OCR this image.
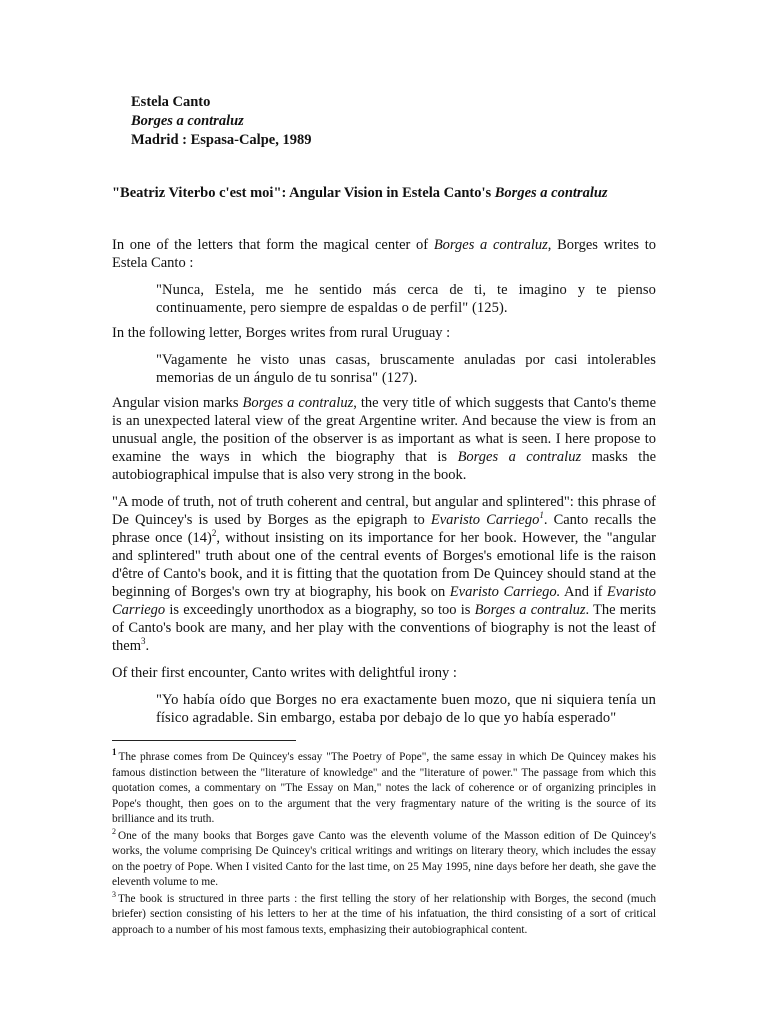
Estela Canto
Borges a contraluz
Madrid : Espasa-Calpe, 1989
"Beatriz Viterbo c'est moi": Angular Vision in Estela Canto's Borges a contraluz

In one of the letters that form the magical center of Borges a contraluz, Borges writes to Estela Canto :

"Nunca, Estela, me he sentido más cerca de ti, te imagino y te pienso continuamente, pero siempre de espaldas o de perfil" (125).

In the following letter, Borges writes from rural Uruguay :

"Vagamente he visto unas casas, bruscamente anuladas por casi intolerables memorias de un ángulo de tu sonrisa" (127).

Angular vision marks Borges a contraluz, the very title of which suggests that Canto's theme is an unexpected lateral view of the great Argentine writer. And because the view is from an unusual angle, the position of the observer is as important as what is seen. I here propose to examine the ways in which the biography that is Borges a contraluz masks the autobiographical impulse that is also very strong in the book.

"A mode of truth, not of truth coherent and central, but angular and splintered": this phrase of De Quincey's is used by Borges as the epigraph to Evaristo Carriego$^1$. Canto recalls the phrase once $(14)^2$, without insisting on its importance for her book. However, the "angular and splintered" truth about one of the central events of Borges's emotional life is the raison d'être of Canto's book, and it is fitting that the quotation from De Quincey should stand at the beginning of Borges's own try at biography, his book on Evaristo Carriego. And if Evaristo Carriego is exceedingly unorthodox as a biography, so too is Borges a contraluz. The merits of Canto's book are many, and her play with the conventions of biography is not the least of them$^3$.

Of their first encounter, Canto writes with delightful irony :

"Yo había oído que Borges no era exactamente buen mozo, que ni siquiera tenía un físico agradable. Sin embargo, estaba por debajo de lo que yo había esperado"

$^1$ The phrase comes from De Quincey's essay "The Poetry of Pope", the same essay in which De Quincey makes his famous distinction between the "literature of knowledge" and the "literature of power." The passage from which this quotation comes, a commentary on "The Essay on Man," notes the lack of coherence or of organizing principles in Pope's thought, then goes on to the argument that the very fragmentary nature of the writing is the source of its brilliance and its truth.

$^2$ One of the many books that Borges gave Canto was the eleventh volume of the Masson edition of De Quincey's works, the volume comprising De Quincey's critical writings and writings on literary theory, which includes the essay on the poetry of Pope. When I visited Canto for the last time, on 25 May 1995, nine days before her death, she gave the eleventh volume to me.

$^3$ The book is structured in three parts : the first telling the story of her relationship with Borges, the second (much briefer) section consisting of his letters to her at the time of his infatuation, the third consisting of a sort of critical approach to a number of his most famous texts, emphasizing their autobiographical content.
